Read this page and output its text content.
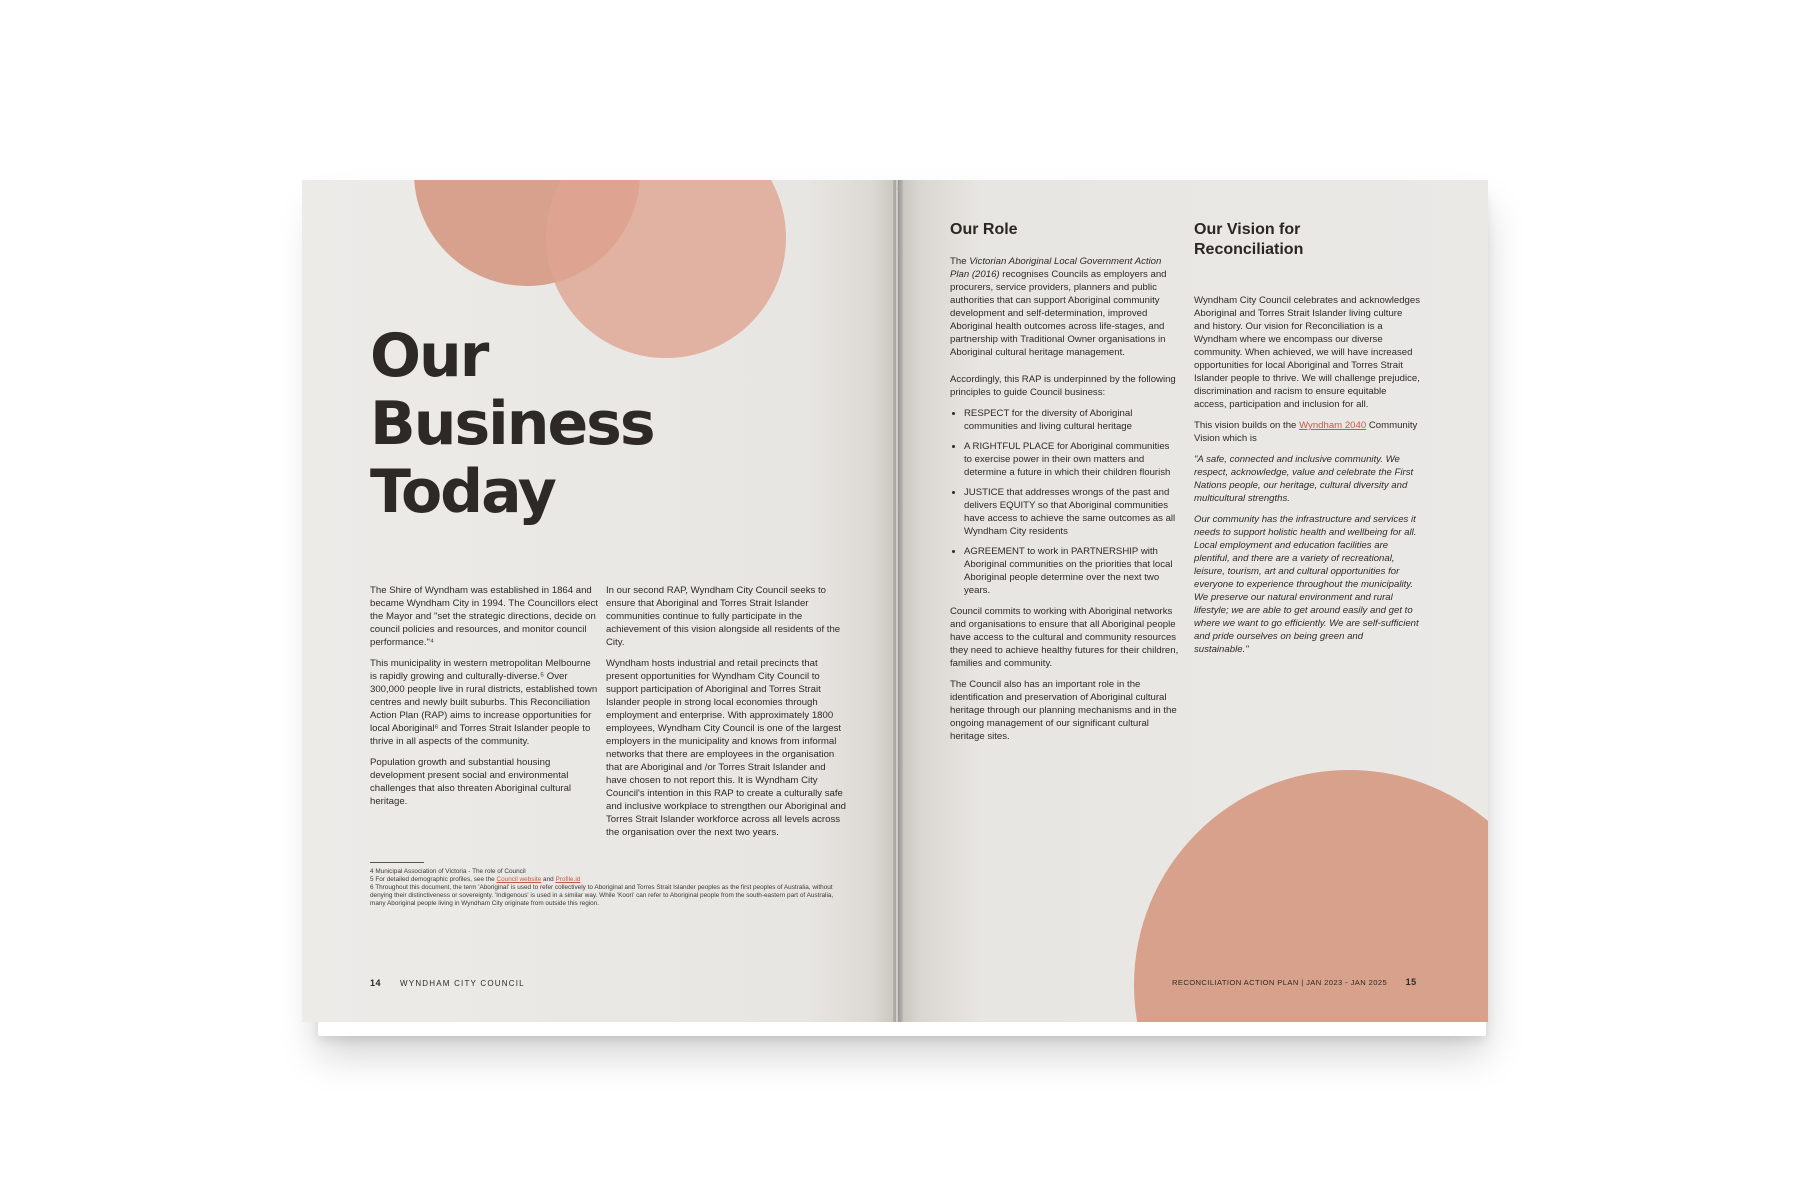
Our
Business
Today

The Shire of Wyndham was established in 1864 and became Wyndham City in 1994. The Councillors elect the Mayor and "set the strategic directions, decide on council policies and resources, and monitor council performance."⁴

This municipality in western metropolitan Melbourne is rapidly growing and culturally-diverse.⁵ Over 300,000 people live in rural districts, established town centres and newly built suburbs. This Reconciliation Action Plan (RAP) aims to increase opportunities for local Aboriginal⁶ and Torres Strait Islander people to thrive in all aspects of the community.

Population growth and substantial housing development present social and environmental challenges that also threaten Aboriginal cultural heritage.

In our second RAP, Wyndham City Council seeks to ensure that Aboriginal and Torres Strait Islander communities continue to fully participate in the achievement of this vision alongside all residents of the City.

Wyndham hosts industrial and retail precincts that present opportunities for Wyndham City Council to support participation of Aboriginal and Torres Strait Islander people in strong local economies through employment and enterprise. With approximately 1800 employees, Wyndham City Council is one of the largest employers in the municipality and knows from informal networks that there are employees in the organisation that are Aboriginal and /or Torres Strait Islander and have chosen to not report this. It is Wyndham City Council's intention in this RAP to create a culturally safe and inclusive workplace to strengthen our Aboriginal and Torres Strait Islander workforce across all levels across the organisation over the next two years.

4 Municipal Association of Victoria - The role of Council
5 For detailed demographic profiles, see the Council website and Profile.id
6 Throughout this document, the term 'Aboriginal' is used to refer collectively to Aboriginal and Torres Strait Islander peoples as the first peoples of Australia, without denying their distinctiveness or sovereignty. 'Indigenous' is used in a similar way. While 'Koori' can refer to Aboriginal people from the south-eastern part of Australia, many Aboriginal people living in Wyndham City originate from outside this region.
14 WYNDHAM CITY COUNCIL
Our Role	Our Vision for Reconciliation

The Victorian Aboriginal Local Government Action Plan (2016) recognises Councils as employers and procurers, service providers, planners and public authorities that can support Aboriginal community development and self-determination, improved Aboriginal health outcomes across life-stages, and partnership with Traditional Owner organisations in Aboriginal cultural heritage management.

Accordingly, this RAP is underpinned by the following principles to guide Council business:

• RESPECT for the diversity of Aboriginal communities and living cultural heritage
• A RIGHTFUL PLACE for Aboriginal communities to exercise power in their own matters and determine a future in which their children flourish
• JUSTICE that addresses wrongs of the past and delivers EQUITY so that Aboriginal communities have access to achieve the same outcomes as all Wyndham City residents
• AGREEMENT to work in PARTNERSHIP with Aboriginal communities on the priorities that local Aboriginal people determine over the next two years.

Council commits to working with Aboriginal networks and organisations to ensure that all Aboriginal people have access to the cultural and community resources they need to achieve healthy futures for their children, families and community.

The Council also has an important role in the identification and preservation of Aboriginal cultural heritage through our planning mechanisms and in the ongoing management of our significant cultural heritage sites.

Wyndham City Council celebrates and acknowledges Aboriginal and Torres Strait Islander living culture and history. Our vision for Reconciliation is a Wyndham where we encompass our diverse community. When achieved, we will have increased opportunities for local Aboriginal and Torres Strait Islander people to thrive. We will challenge prejudice, discrimination and racism to ensure equitable access, participation and inclusion for all.

This vision builds on the Wyndham 2040 Community Vision which is

"A safe, connected and inclusive community. We respect, acknowledge, value and celebrate the First Nations people, our heritage, cultural diversity and multicultural strengths.

Our community has the infrastructure and services it needs to support holistic health and wellbeing for all. Local employment and education facilities are plentiful, and there are a variety of recreational, leisure, tourism, art and cultural opportunities for everyone to experience throughout the municipality. We preserve our natural environment and rural lifestyle; we are able to get around easily and get to where we want to go efficiently. We are self-sufficient and pride ourselves on being green and sustainable."

RECONCILIATION ACTION PLAN | JAN 2023 - JAN 2025 15
